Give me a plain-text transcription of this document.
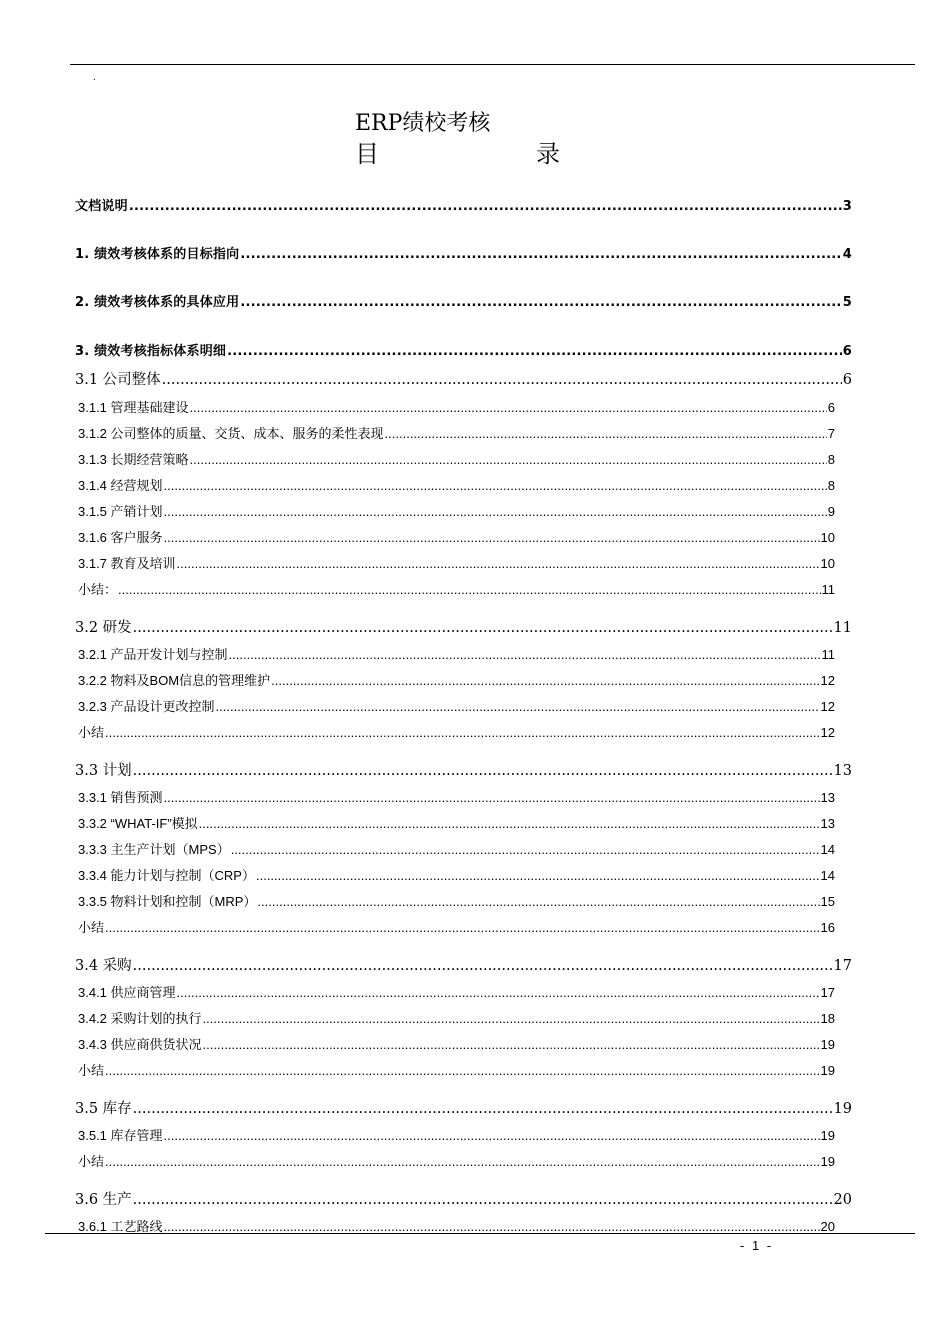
.
ERP绩校考核
目	录
文档说明 .....	3
1. 绩效考核体系的目标指向 .....	4
2. 绩效考核体系的具体应用 .....	5
3. 绩效考核指标体系明细 .....	6
3.1 公司整体 .....	6
3.1.1 管理基础建设 .....	6
3.1.2 公司整体的质量、交货、成本、服务的柔性表现 .....	7
3.1.3 长期经营策略 .....	8
3.1.4 经营规划 .....	8
3.1.5 产销计划 .....	9
3.1.6 客户服务 .....	10
3.1.7 教育及培训 .....	10
小结： .....	11
3.2 研发 .....	11
3.2.1 产品开发计划与控制 .....	11
3.2.2 物料及BOM信息的管理维护 .....	12
3.2.3 产品设计更改控制 .....	12
小结 .....	12
3.3 计划 .....	13
3.3.1 销售预测 .....	13
3.3.2 “WHAT-IF”模拟 .....	13
3.3.3 主生产计划（MPS） .....	14
3.3.4 能力计划与控制（CRP） .....	14
3.3.5 物料计划和控制（MRP） .....	15
小结 .....	16
3.4 采购 .....	17
3.4.1 供应商管理 .....	17
3.4.2 采购计划的执行 .....	18
3.4.3 供应商供货状况 .....	19
小结 .....	19
3.5 库存 .....	19
3.5.1 库存管理 .....	19
小结 .....	19
3.6 生产 .....	20
3.6.1 工艺路线 .....	20
- 1 -
